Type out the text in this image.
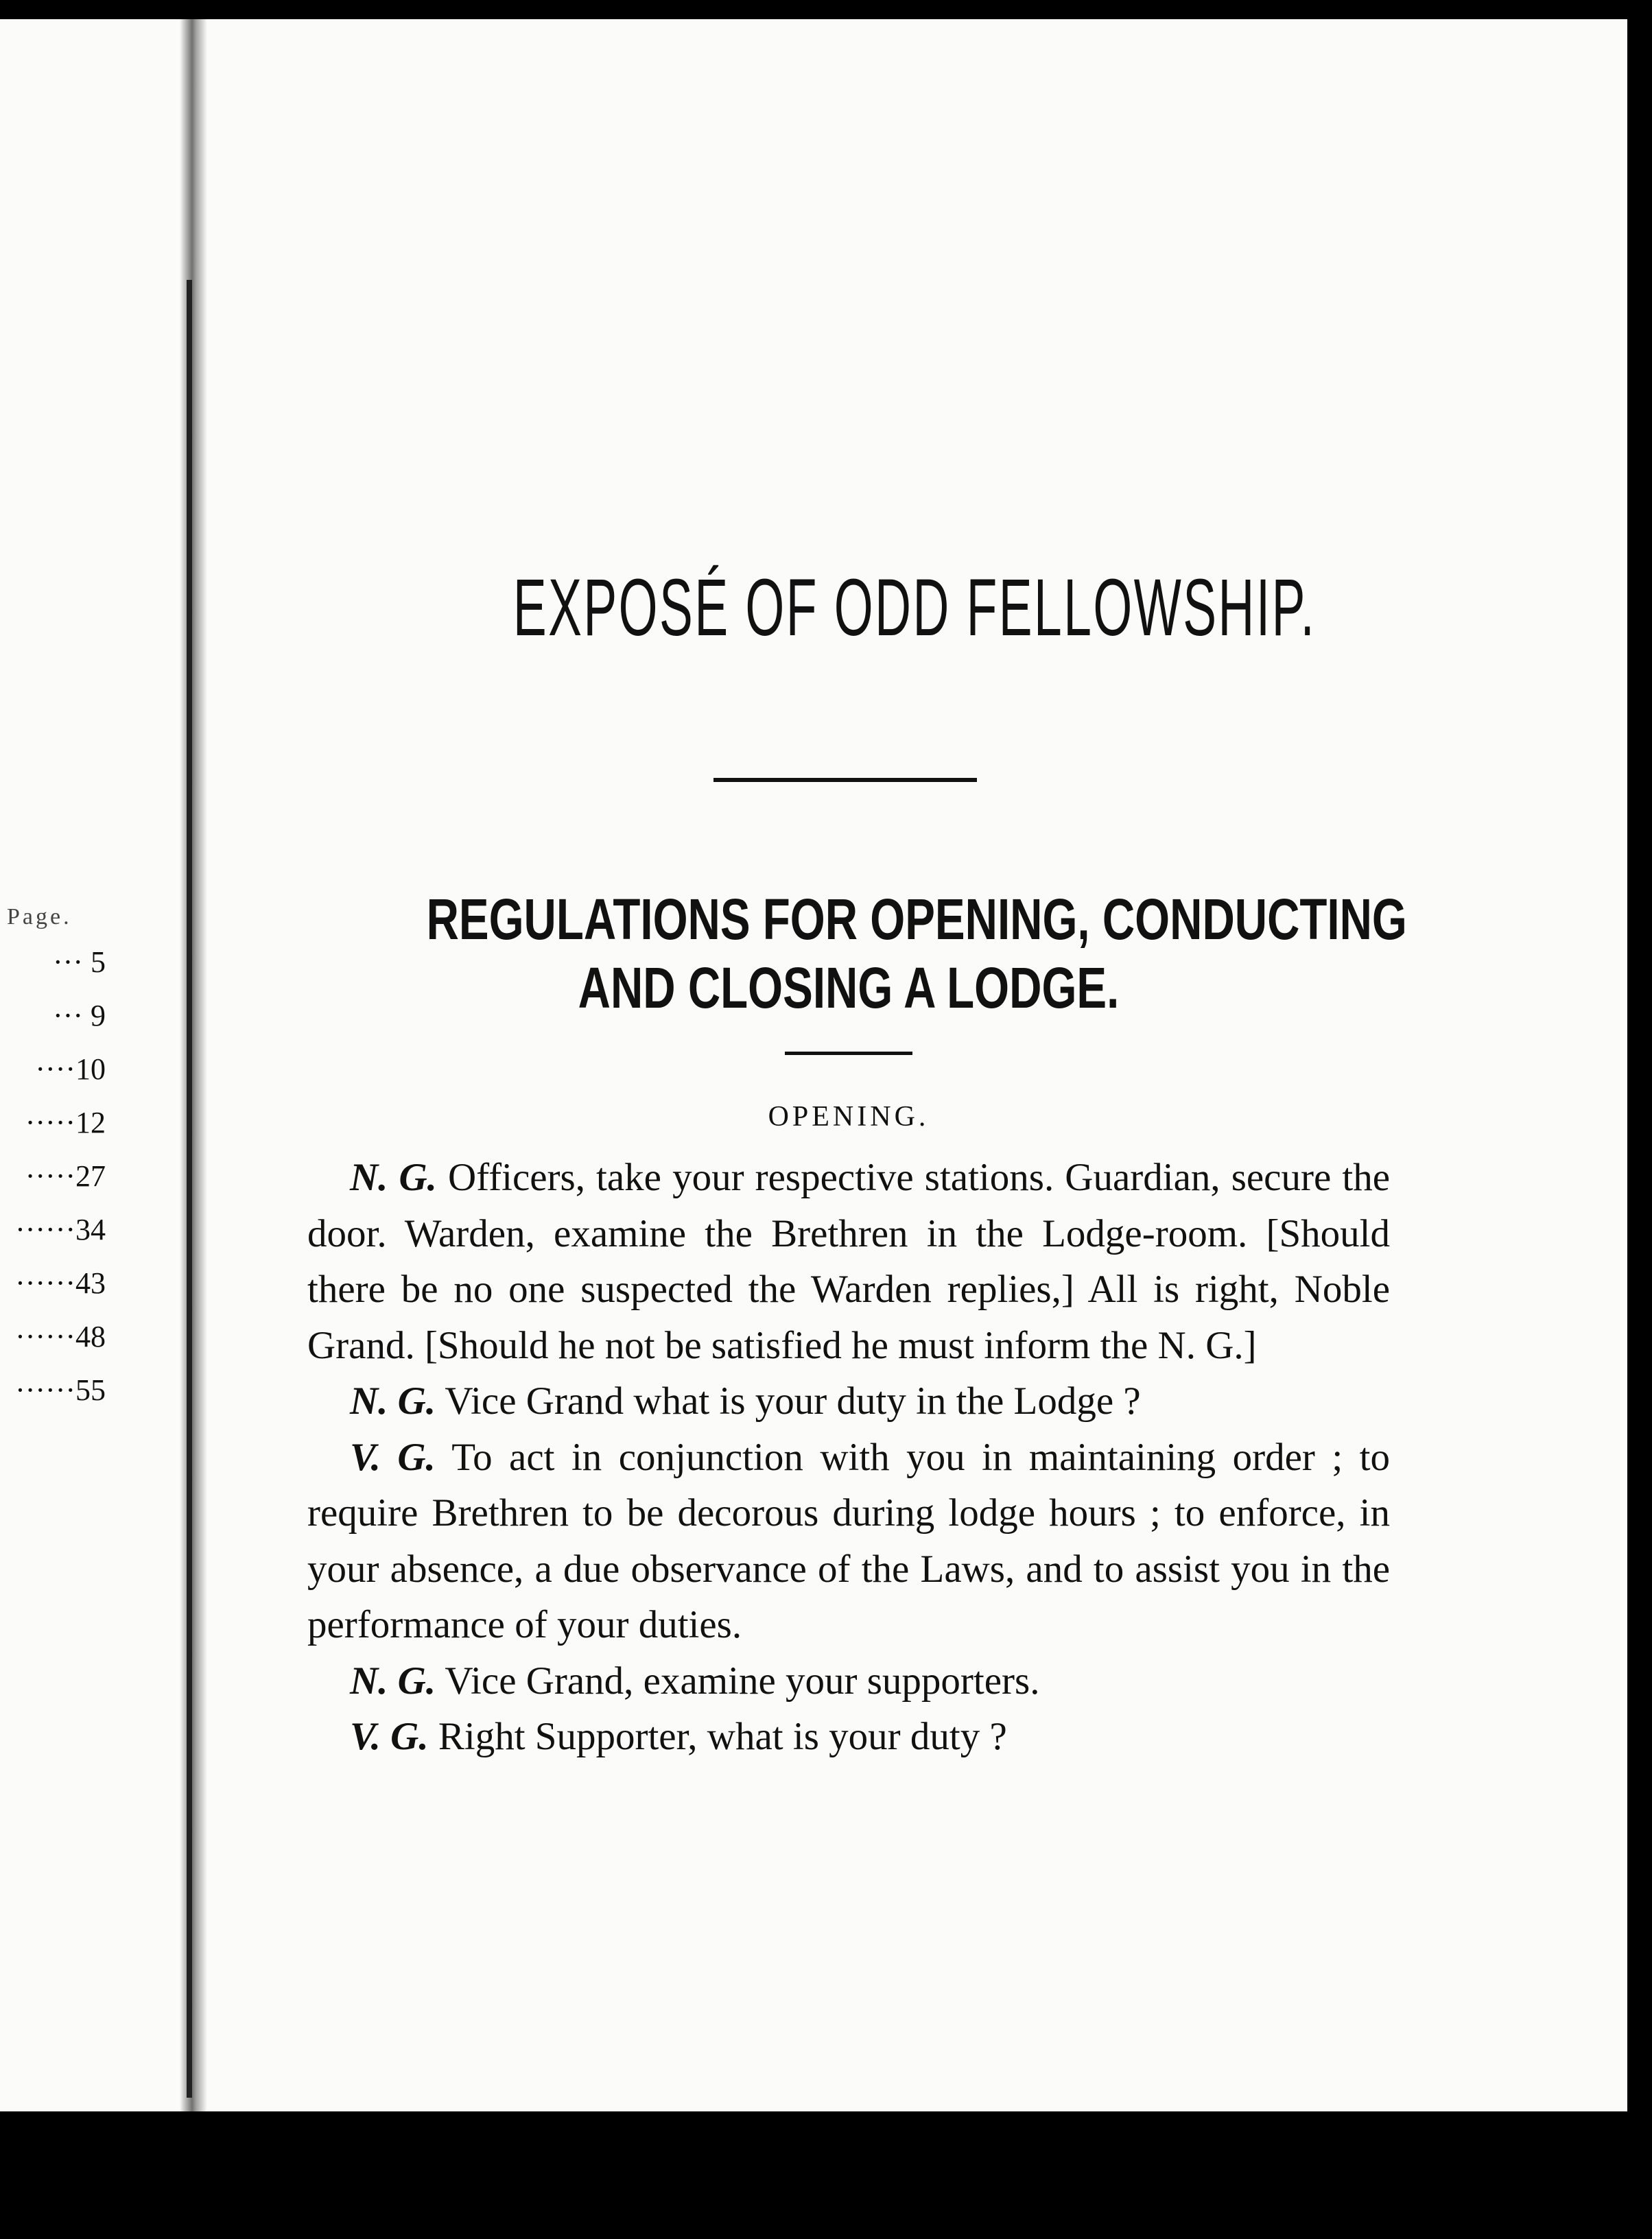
Page.
··· 5
··· 9
····10
·····12
·····27
······34
······43
······48
······55
EXPOSÉ OF ODD FELLOWSHIP.
REGULATIONS FOR OPENING, CONDUCTING
AND CLOSING A LODGE.
OPENING.

N. G. Officers, take your respective stations. Guardian, secure the door. Warden, examine the Brethren in the Lodge-room. [Should there be no one suspected the Warden replies,] All is right, Noble Grand. [Should he not be satisfied he must inform the N. G.]

N. G. Vice Grand what is your duty in the Lodge ?

V. G. To act in conjunction with you in maintaining order ; to require Brethren to be decorous during lodge hours ; to enforce, in your absence, a due observance of the Laws, and to assist you in the performance of your duties.

N. G. Vice Grand, examine your supporters.

V. G. Right Supporter, what is your duty ?
